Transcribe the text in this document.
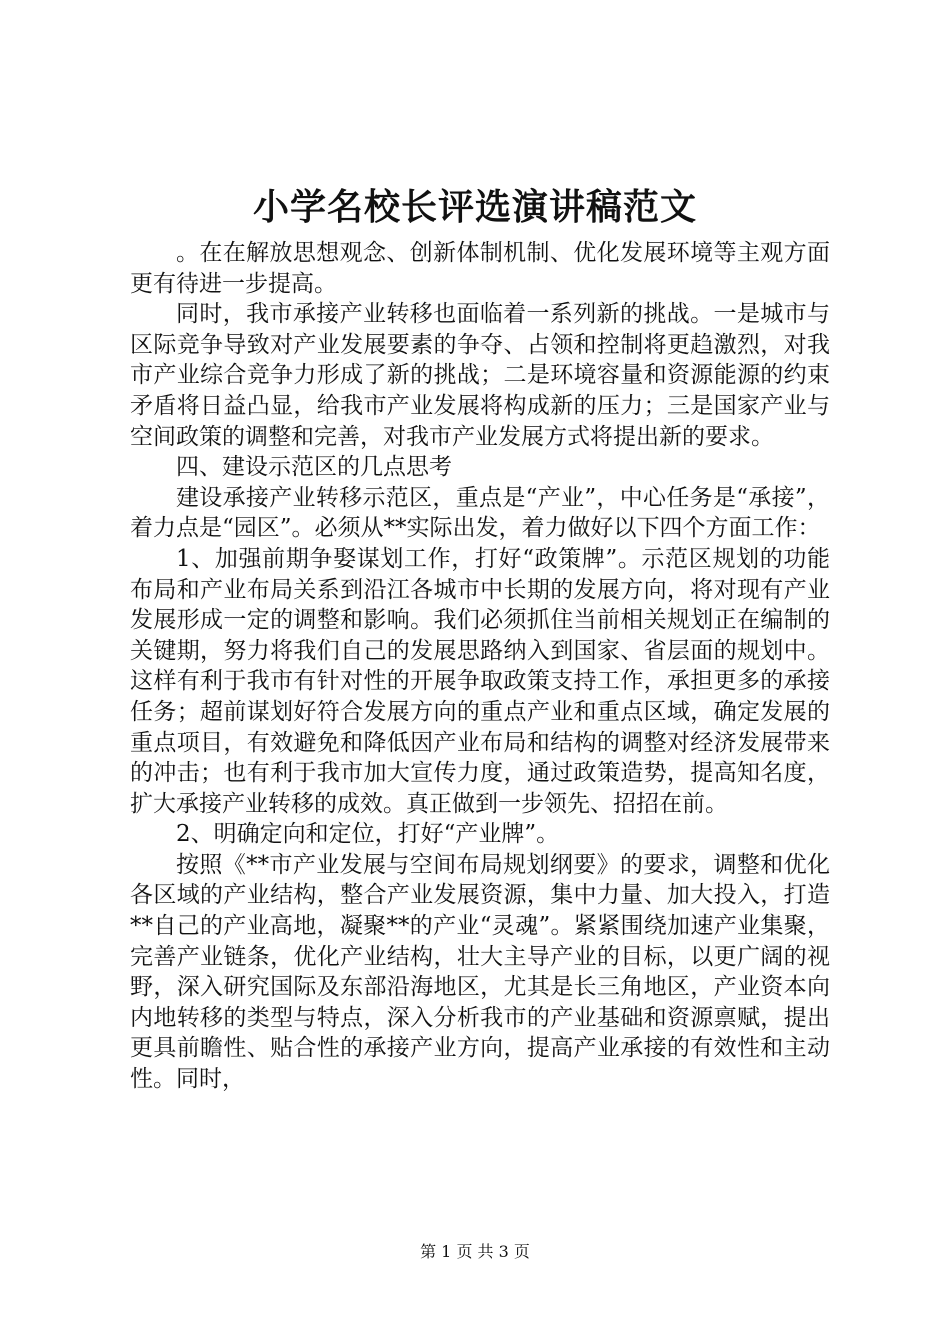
小学名校长评选演讲稿范文

。在在解放思想观念、创新体制机制、优化发展环境等主观方面更有待进一步提高。

同时，我市承接产业转移也面临着一系列新的挑战。一是城市与区际竞争导致对产业发展要素的争夺、占领和控制将更趋激烈，对我市产业综合竞争力形成了新的挑战；二是环境容量和资源能源的约束矛盾将日益凸显，给我市产业发展将构成新的压力；三是国家产业与空间政策的调整和完善，对我市产业发展方式将提出新的要求。

四、建设示范区的几点思考

建设承接产业转移示范区，重点是“产业”，中心任务是“承接”，着力点是“园区”。必须从**实际出发，着力做好以下四个方面工作：

1、加强前期争娶谋划工作，打好“政策牌”。示范区规划的功能布局和产业布局关系到沿江各城市中长期的发展方向，将对现有产业发展形成一定的调整和影响。我们必须抓住当前相关规划正在编制的关键期，努力将我们自己的发展思路纳入到国家、省层面的规划中。这样有利于我市有针对性的开展争取政策支持工作，承担更多的承接任务；超前谋划好符合发展方向的重点产业和重点区域，确定发展的重点项目，有效避免和降低因产业布局和结构的调整对经济发展带来的冲击；也有利于我市加大宣传力度，通过政策造势，提高知名度，扩大承接产业转移的成效。真正做到一步领先、招招在前。

2、明确定向和定位，打好“产业牌”。

按照《**市产业发展与空间布局规划纲要》的要求，调整和优化各区域的产业结构，整合产业发展资源，集中力量、加大投入，打造**自己的产业高地，凝聚**的产业“灵魂”。紧紧围绕加速产业集聚，完善产业链条，优化产业结构，壮大主导产业的目标，以更广阔的视野，深入研究国际及东部沿海地区，尤其是长三角地区，产业资本向内地转移的类型与特点，深入分析我市的产业基础和资源禀赋，提出更具前瞻性、贴合性的承接产业方向，提高产业承接的有效性和主动性。同时，

第 1 页 共 3 页
